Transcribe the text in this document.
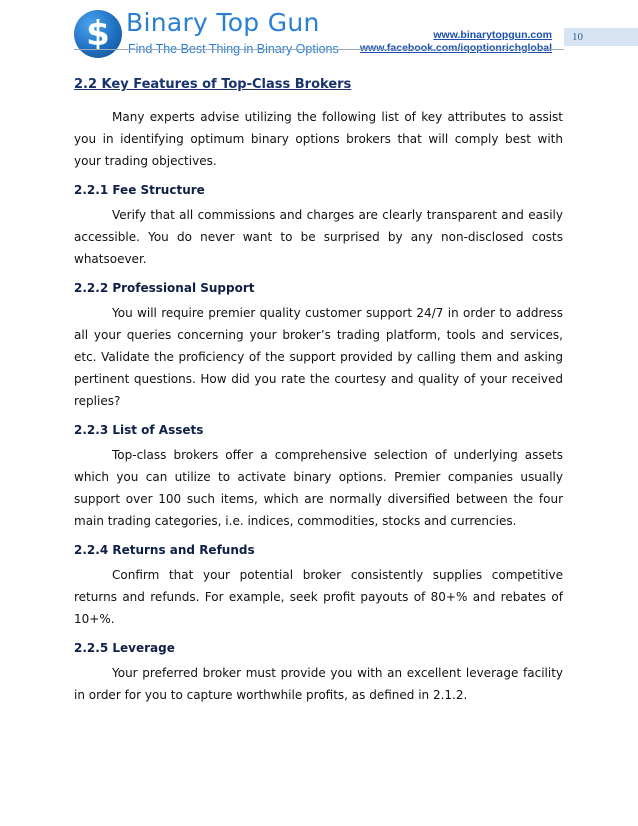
$ Binary Top Gun
Find The Best Thing in Binary Options
www.binarytopgun.com
www.facebook.com/iqoptionrichglobal
10
2.2 Key Features of Top-Class Brokers

Many experts advise utilizing the following list of key attributes to assist you in identifying optimum binary options brokers that will comply best with your trading objectives.

2.2.1 Fee Structure

Verify that all commissions and charges are clearly transparent and easily accessible. You do never want to be surprised by any non-disclosed costs whatsoever.

2.2.2 Professional Support

You will require premier quality customer support 24/7 in order to address all your queries concerning your broker’s trading platform, tools and services, etc. Validate the proficiency of the support provided by calling them and asking pertinent questions. How did you rate the courtesy and quality of your received replies?

2.2.3 List of Assets

Top-class brokers offer a comprehensive selection of underlying assets which you can utilize to activate binary options. Premier companies usually support over 100 such items, which are normally diversified between the four main trading categories, i.e. indices, commodities, stocks and currencies.

2.2.4 Returns and Refunds

Confirm that your potential broker consistently supplies competitive returns and refunds. For example, seek profit payouts of 80+% and rebates of 10+%.

2.2.5 Leverage

Your preferred broker must provide you with an excellent leverage facility in order for you to capture worthwhile profits, as defined in 2.1.2.
